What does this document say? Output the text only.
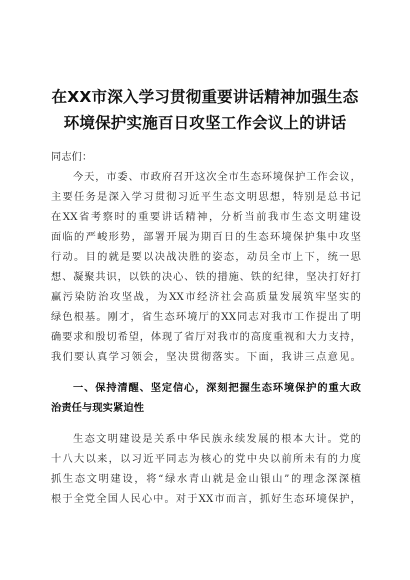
在XX市深入学习贯彻重要讲话精神加强生态
环境保护实施百日攻坚工作会议上的讲话
同志们：
今天，市委、市政府召开这次全市生态环境保护工作会议，
主要任务是深入学习贯彻习近平生态文明思想，特别是总书记
在XX省考察时的重要讲话精神，分析当前我市生态文明建设
面临的严峻形势，部署开展为期百日的生态环境保护集中攻坚
行动。目的就是要以决战决胜的姿态，动员全市上下，统一思
想、凝聚共识，以铁的决心、铁的措施、铁的纪律，坚决打好打
赢污染防治攻坚战，为XX市经济社会高质量发展筑牢坚实的
绿色根基。刚才，省生态环境厅的XX同志对我市工作提出了明
确要求和殷切希望，体现了省厅对我市的高度重视和大力支持，
我们要认真学习领会，坚决贯彻落实。下面，我讲三点意见。
一、保持清醒、坚定信心，深刻把握生态环境保护的重大政
治责任与现实紧迫性
生态文明建设是关系中华民族永续发展的根本大计。党的
十八大以来，以习近平同志为核心的党中央以前所未有的力度
抓生态文明建设，将“绿水青山就是金山银山”的理念深深植
根于全党全国人民心中。对于XX市而言，抓好生态环境保护，
